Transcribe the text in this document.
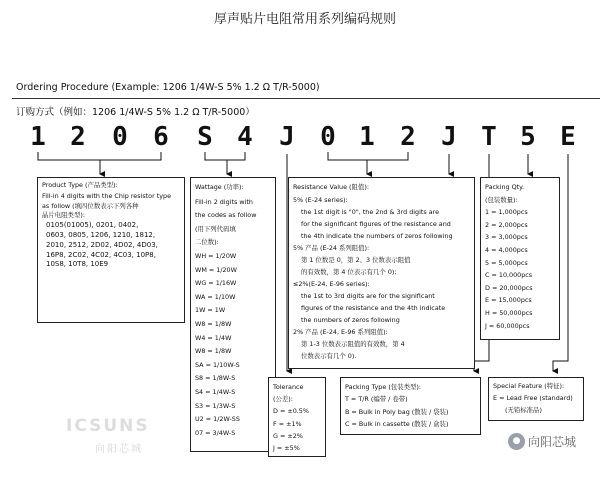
厚声贴片电阻常用系列编码规则
Ordering Procedure (Example: 1206 1/4W-S 5% 1.2 Ω T/R-5000)
订购方式（例如：1206 1/4W-S 5% 1.2 Ω T/R-5000）
1 2	0 6	S 4	J 0 1 2 J T 5 E
Product Type (产品类型):
Fill-in 4 digits with the Chip resistor type
as follow (填四位数表示下列各种
晶片电阻类型):
0105(01005), 0201, 0402,
0603, 0805, 1206, 1210, 1812,
2010, 2512, 2D02, 4D02, 4D03,
16P8, 2C02, 4C02, 4C03, 10P8,
10S8, 10T8, 10E9
Wattage (功率):
Fill-in 2 digits with
the codes as follow
(用下列代码填
二位数):
WH = 1/20W
WM = 1/20W
WG = 1/16W
WA = 1/10W
1W = 1W
W8 = 1/8W
W4 = 1/4W
W8 = 1/8W
SA = 1/10W-S
S8 = 1/8W-S
S4 = 1/4W-S
S3 = 1/3W-S
U2 = 1/2W-SS
07 = 3/4W-S
Resistance Value (阻值):
5% (E-24 series):
the 1st digit is "0", the 2nd & 3rd digits are
for the significant figures of the resistance and
the 4th indicate the numbers of zeros following
5% 产品 (E-24 系列阻值):
第 1 位数是 0，第 2、3 位数表示阻值
的有效数，第 4 位表示有几个 0);
≤2%(E-24, E-96 series):
the 1st to 3rd digits are for the significant
figures of the resistance and the 4th indicate
the numbers of zeros following
2% 产品 (E-24, E-96 系列阻值):
第 1-3 位数表示阻值的有效数，第 4
位数表示有几个 0).
Packing Qty.
(包装数量):
1 = 1,000pcs
2 = 2,000pcs
3 = 3,000pcs
4 = 4,000pcs
5 = 5,000pcs
C = 10,000pcs
D = 20,000pcs
E = 15,000pcs
H = 50,000pcs
J = 60,000pcs
Tolerance
(公差):
D = ±0.5%
F = ±1%
G = ±2%
J = ±5%
Packing Type (包装类型):
T = T/R (编带 / 卷带)
B = Bulk in Poly bag (散装 / 袋装)
C = Bulk in cassette (散装 / 盒装)
Special Feature (特征):
E = Lead Free (standard)
(无铅标准品)
ICSUNS
向阳芯城
● 向阳芯城
